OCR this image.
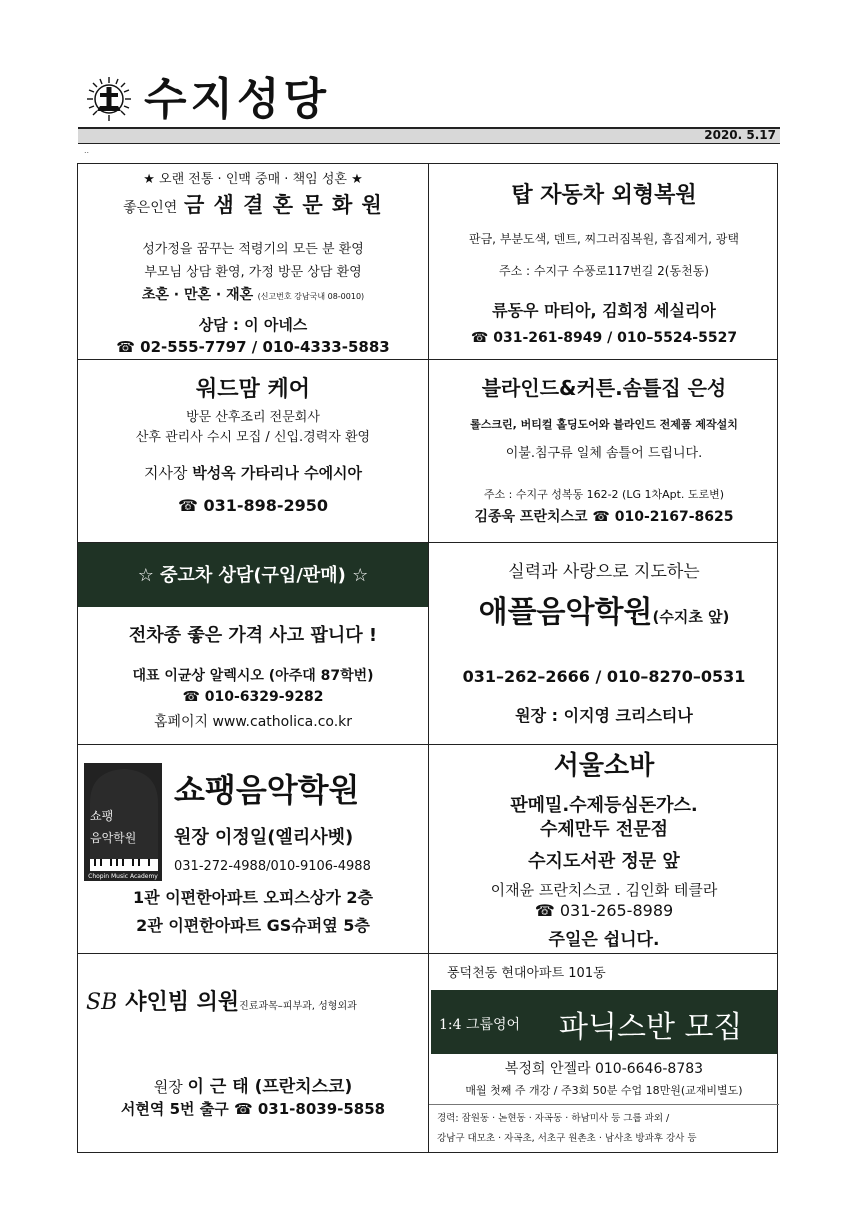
수지성당
2020. 5.17
..
★ 오랜 전통 · 인맥 중매 · 책임 성혼 ★
좋은인연 금 샘 결 혼 문 화 원
성가정을 꿈꾸는 적령기의 모든 분 환영
부모님 상담 환영, 가정 방문 상담 환영
초혼 · 만혼 · 재혼 (신고번호 강남국내 08-0010)
상담 : 이 아네스
☎ 02-555-7797 / 010-4333-5883
탑 자동차 외형복원
판금, 부분도색, 덴트, 찌그러짐복원, 흠집제거, 광택
주소 : 수지구 수풍로117번길 2(동천동)
류동우 마티아, 김희정 세실리아
☎ 031-261-8949 / 010–5524-5527
워드맘 케어
방문 산후조리 전문회사
산후 관리사 수시 모집 / 신입.경력자 환영
지사장 박성옥 가타리나 수에시아
☎ 031-898-2950
블라인드&커튼.솜틀집 은성
롤스크린, 버티컬 홀딩도어와 블라인드 전제품 제작설치
이불.침구류 일체 솜틀어 드립니다.
주소 : 수지구 성복동 162-2 (LG 1차Apt. 도로변)
김종욱 프란치스코 ☎ 010-2167-8625
☆ 중고차 상담(구입/판매) ☆
전차종 좋은 가격 사고 팝니다 !
대표 이균상 알렉시오 (아주대 87학번)
☎ 010-6329-9282
홈페이지 www.catholica.co.kr
실력과 사랑으로 지도하는
애플음악학원(수지초 앞)
031–262–2666 / 010–8270–0531
원장 : 이지영 크리스티나
쇼팽
음악학원
Chopin Music Academy
쇼팽음악학원
원장 이정일(엘리사벳)
031-272-4988/010-9106-4988
1관 이편한아파트 오피스상가 2층
2관 이편한아파트 GS슈퍼옆 5층
서울소바
판메밀.수제등심돈가스.
수제만두 전문점
수지도서관 정문 앞
이재윤 프란치스코 . 김인화 테클라
☎ 031-265-8989
주일은 쉽니다.
SB 샤인빔 의원진료과목–피부과, 성형외과
원장 이 근 태 (프란치스코)
서현역 5번 출구 ☎ 031-8039-5858
풍덕천동 현대아파트 101동
1:4 그룹영어 파닉스반 모집
복정희 안젤라 010-6646-8783
매월 첫째 주 개강 / 주3회 50분 수업 18만원(교재비별도)
경력: 잠원동 · 논현동 · 자곡동 · 하남미사 등 그룹 과외 /
강남구 대모초 · 자곡초, 서초구 원촌초 · 남사초 방과후 강사 등
